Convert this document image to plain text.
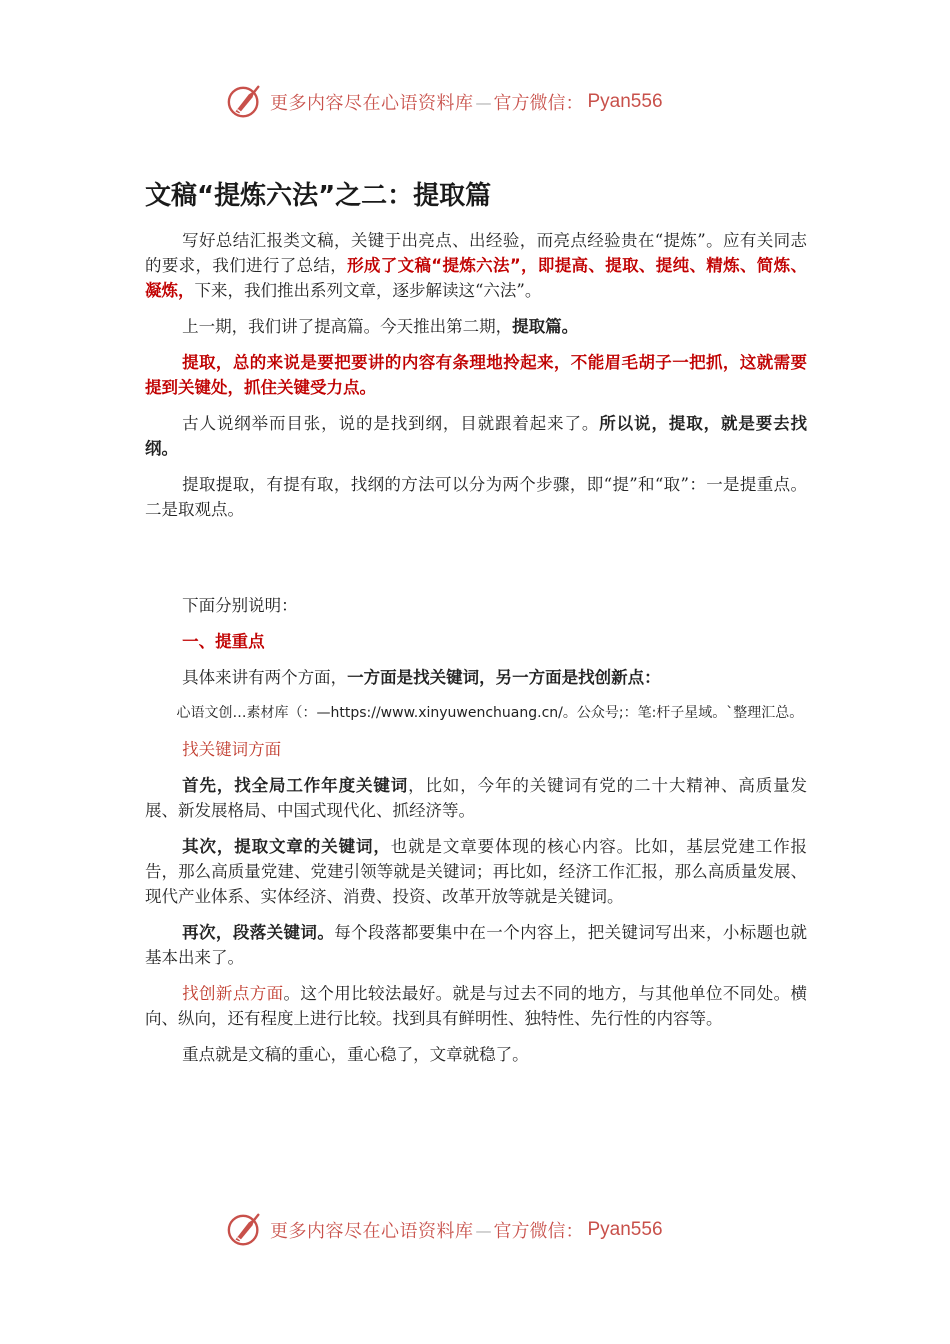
更多内容尽在心语资料库 — 官方微信 ： Pyan556
文稿“提炼六法”之二：提取篇

写好总结汇报类文稿，关键于出亮点、出经验，而亮点经验贵在“提炼”。应有关同志的要求，我们进行了总结，形成了文稿“提炼六法”，即提高、提取、提纯、精炼、简炼、凝炼，下来，我们推出系列文章，逐步解读这“六法”。

上一期，我们讲了提高篇。今天推出第二期，提取篇。

提取，总的来说是要把要讲的内容有条理地拎起来，不能眉毛胡子一把抓，这就需要提到关键处，抓住关键受力点。

古人说纲举而目张，说的是找到纲，目就跟着起来了。所以说，提取，就是要去找纲。

提取提取，有提有取，找纲的方法可以分为两个步骤，即“提”和“取”：一是提重点。二是取观点。

下面分别说明：

一、提重点

具体来讲有两个方面，一方面是找关键词，另一方面是找创新点：

心语文创…素材库（：—https://www.xinyuwenchuang.cn/。公众号;：笔:杆子星域。`整理汇总。

找关键词方面

首先，找全局工作年度关键词，比如，今年的关键词有党的二十大精神、高质量发展、新发展格局、中国式现代化、抓经济等。

其次，提取文章的关键词，也就是文章要体现的核心内容。比如，基层党建工作报告，那么高质量党建、党建引领等就是关键词；再比如，经济工作汇报，那么高质量发展、现代产业体系、实体经济、消费、投资、改革开放等就是关键词。

再次，段落关键词。每个段落都要集中在一个内容上，把关键词写出来，小标题也就基本出来了。

找创新点方面。这个用比较法最好。就是与过去不同的地方，与其他单位不同处。横向、纵向，还有程度上进行比较。找到具有鲜明性、独特性、先行性的内容等。

重点就是文稿的重心，重心稳了，文章就稳了。

更多内容尽在心语资料库 — 官方微信 ： Pyan556
